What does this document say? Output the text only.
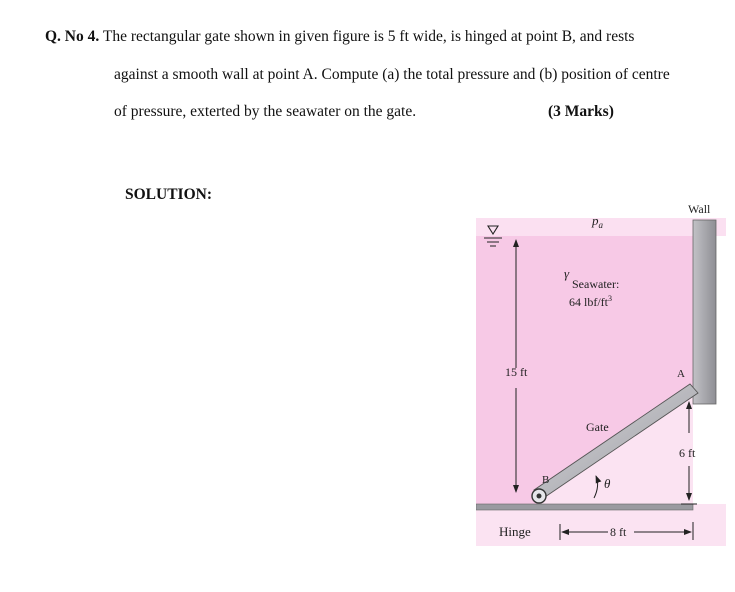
Q. No 4. The rectangular gate shown in given figure is 5 ft wide, is hinged at point B, and rests
against a smooth wall at point A. Compute (a) the total pressure and (b) position of centre
of pressure, exterted by the seawater on the gate.	(3 Marks)
SOLUTION:
15 ft
$p_a$
γ
Seawater:
64 lbf/$ft^3$
Wall
Gate
B
A
θ
6 ft
8 ft
Hinge
